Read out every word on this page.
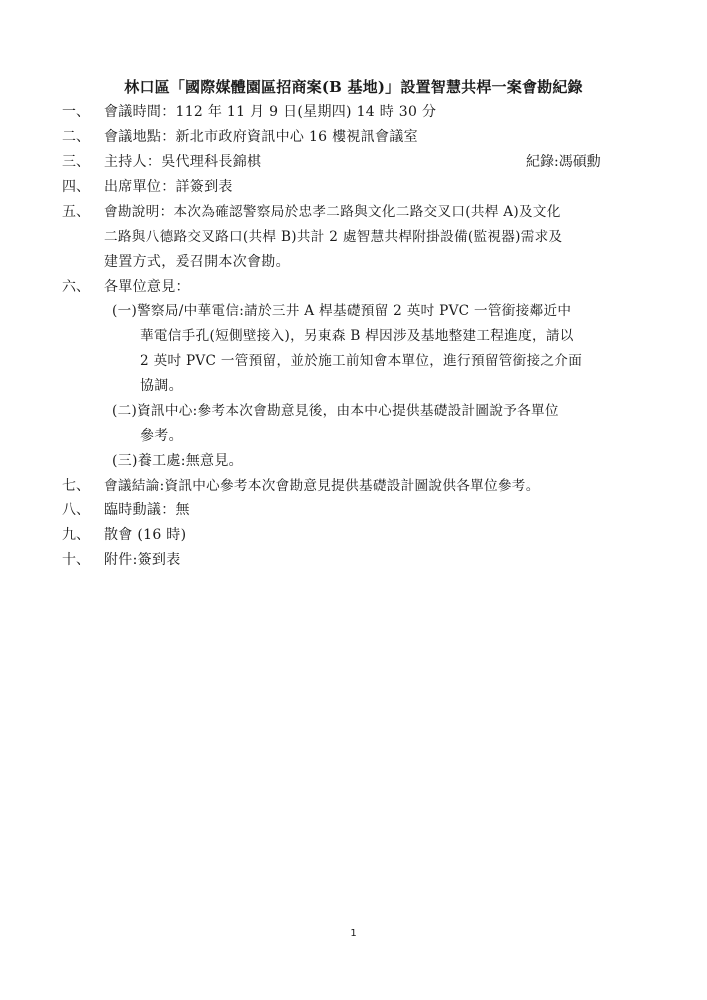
林口區「國際媒體園區招商案(B 基地)」設置智慧共桿一案會勘紀錄
一、 會議時間：112 年 11 月 9 日(星期四) 14 時 30 分
二、 會議地點：新北市政府資訊中心 16 樓視訊會議室
三、 主持人：吳代理科長錦棋	紀錄:馮碩勳
四、 出席單位：詳簽到表
五、 會勘說明：本次為確認警察局於忠孝二路與文化二路交叉口(共桿 A)及文化
二路與八德路交叉路口(共桿 B)共計 2 處智慧共桿附掛設備(監視器)需求及
建置方式，爰召開本次會勘。
六、 各單位意見：
(一)警察局/中華電信:請於三井 A 桿基礎預留 2 英吋 PVC 一管銜接鄰近中
華電信手孔(短側壁接入)，另東森 B 桿因涉及基地整建工程進度，請以
2 英吋 PVC 一管預留，並於施工前知會本單位，進行預留管銜接之介面
協調。
(二)資訊中心:參考本次會勘意見後，由本中心提供基礎設計圖說予各單位
參考。
(三)養工處:無意見。
七、 會議結論:資訊中心參考本次會勘意見提供基礎設計圖說供各單位參考。
八、 臨時動議：無
九、 散會 (16 時)
十、 附件:簽到表
1
